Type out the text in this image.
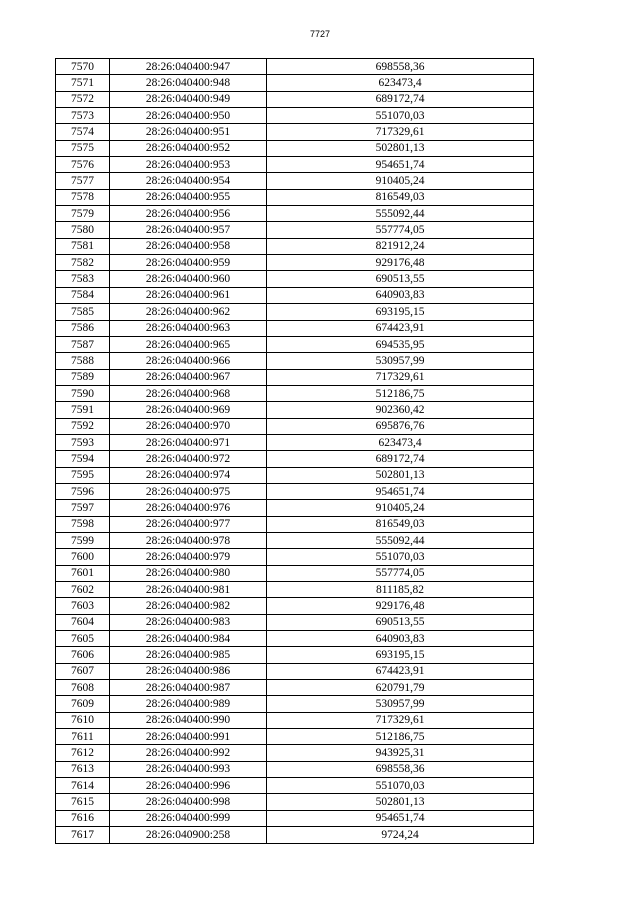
7727
7570	28:26:040400:947	698558,36
7571	28:26:040400:948	623473,4
7572	28:26:040400:949	689172,74
7573	28:26:040400:950	551070,03
7574	28:26:040400:951	717329,61
7575	28:26:040400:952	502801,13
7576	28:26:040400:953	954651,74
7577	28:26:040400:954	910405,24
7578	28:26:040400:955	816549,03
7579	28:26:040400:956	555092,44
7580	28:26:040400:957	557774,05
7581	28:26:040400:958	821912,24
7582	28:26:040400:959	929176,48
7583	28:26:040400:960	690513,55
7584	28:26:040400:961	640903,83
7585	28:26:040400:962	693195,15
7586	28:26:040400:963	674423,91
7587	28:26:040400:965	694535,95
7588	28:26:040400:966	530957,99
7589	28:26:040400:967	717329,61
7590	28:26:040400:968	512186,75
7591	28:26:040400:969	902360,42
7592	28:26:040400:970	695876,76
7593	28:26:040400:971	623473,4
7594	28:26:040400:972	689172,74
7595	28:26:040400:974	502801,13
7596	28:26:040400:975	954651,74
7597	28:26:040400:976	910405,24
7598	28:26:040400:977	816549,03
7599	28:26:040400:978	555092,44
7600	28:26:040400:979	551070,03
7601	28:26:040400:980	557774,05
7602	28:26:040400:981	811185,82
7603	28:26:040400:982	929176,48
7604	28:26:040400:983	690513,55
7605	28:26:040400:984	640903,83
7606	28:26:040400:985	693195,15
7607	28:26:040400:986	674423,91
7608	28:26:040400:987	620791,79
7609	28:26:040400:989	530957,99
7610	28:26:040400:990	717329,61
7611	28:26:040400:991	512186,75
7612	28:26:040400:992	943925,31
7613	28:26:040400:993	698558,36
7614	28:26:040400:996	551070,03
7615	28:26:040400:998	502801,13
7616	28:26:040400:999	954651,74
7617	28:26:040900:258	9724,24
